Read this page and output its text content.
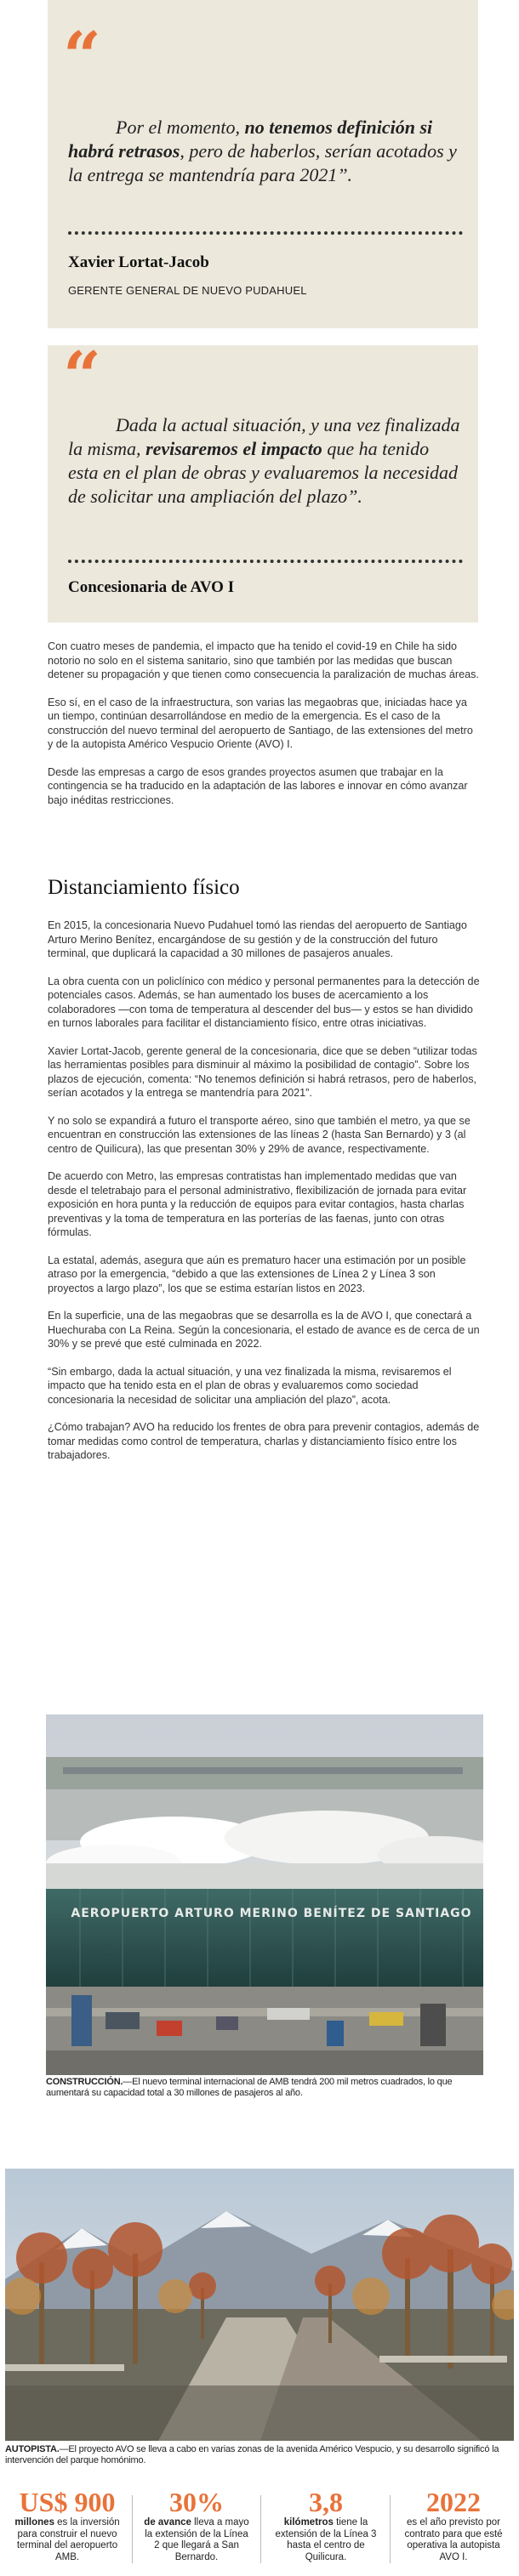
“
Por el momento, no tenemos definición si habrá retrasos, pero de haberlos, serían acotados y la entrega se mantendría para 2021”.
Xavier Lortat-Jacob
GERENTE GENERAL DE NUEVO PUDAHUEL
“
Dada la actual situación, y una vez finalizada la misma, revisaremos el impacto que ha tenido esta en el plan de obras y evaluaremos la necesidad de solicitar una ampliación del plazo”.
Concesionaria de AVO I

Con cuatro meses de pandemia, el impacto que ha tenido el covid-19 en Chile ha sido notorio no solo en el sistema sanitario, sino que también por las medidas que buscan detener su propagación y que tienen como consecuencia la paralización de muchas áreas.

Eso sí, en el caso de la infraestructura, son varias las megaobras que, iniciadas hace ya un tiempo, continúan desarrollándose en medio de la emergencia. Es el caso de la construcción del nuevo terminal del aeropuerto de Santiago, de las extensiones del metro y de la autopista Américo Vespucio Oriente (AVO) I.

Desde las empresas a cargo de esos grandes proyectos asumen que trabajar en la contingencia se ha traducido en la adaptación de las labores e innovar en cómo avanzar bajo inéditas restricciones.

Distanciamiento físico

En 2015, la concesionaria Nuevo Pudahuel tomó las riendas del aeropuerto de Santiago Arturo Merino Benítez, encargándose de su gestión y de la construcción del futuro terminal, que duplicará la capacidad a 30 millones de pasajeros anuales.

La obra cuenta con un policlínico con médico y personal permanentes para la detección de potenciales casos. Además, se han aumentado los buses de acercamiento a los colaboradores —con toma de temperatura al descender del bus— y estos se han dividido en turnos laborales para facilitar el distanciamiento físico, entre otras iniciativas.

Xavier Lortat-Jacob, gerente general de la concesionaria, dice que se deben “utilizar todas las herramientas posibles para disminuir al máximo la posibilidad de contagio”. Sobre los plazos de ejecución, comenta: “No tenemos definición si habrá retrasos, pero de haberlos, serían acotados y la entrega se mantendría para 2021”.

Y no solo se expandirá a futuro el transporte aéreo, sino que también el metro, ya que se encuentran en construcción las extensiones de las líneas 2 (hasta San Bernardo) y 3 (al centro de Quilicura), las que presentan 30% y 29% de avance, respectivamente.

De acuerdo con Metro, las empresas contratistas han implementado medidas que van desde el teletrabajo para el personal administrativo, flexibilización de jornada para evitar exposición en hora punta y la reducción de equipos para evitar contagios, hasta charlas preventivas y la toma de temperatura en las porterías de las faenas, junto con otras fórmulas.

La estatal, además, asegura que aún es prematuro hacer una estimación por un posible atraso por la emergencia, “debido a que las extensiones de Línea 2 y Línea 3 son proyectos a largo plazo”, los que se estima estarían listos en 2023.

En la superficie, una de las megaobras que se desarrolla es la de AVO I, que conectará a Huechuraba con La Reina. Según la concesionaria, el estado de avance es de cerca de un 30% y se prevé que esté culminada en 2022.

“Sin embargo, dada la actual situación, y una vez finalizada la misma, revisaremos el impacto que ha tenido esta en el plan de obras y evaluaremos como sociedad concesionaria la necesidad de solicitar una ampliación del plazo”, acota.

¿Cómo trabajan? AVO ha reducido los frentes de obra para prevenir contagios, además de tomar medidas como control de temperatura, charlas y distanciamiento físico entre los trabajadores.

AEROPUERTO ARTURO MERINO BENÍTEZ DE SANTIAGO
CONSTRUCCIÓN.—El nuevo terminal internacional de AMB tendrá 200 mil metros cuadrados, lo que aumentará su capacidad total a 30 millones de pasajeros al año.
AUTOPISTA.—El proyecto AVO se lleva a cabo en varias zonas de la avenida Américo Vespucio, y su desarrollo significó la intervención del parque homónimo.
US$ 900
millones es la inversión para construir el nuevo terminal del aeropuerto AMB.
30%
de avance lleva a mayo la extensión de la Línea 2 que llegará a San Bernardo.
3,8
kilómetros tiene la extensión de la Línea 3 hasta el centro de Quilicura.
2022
es el año previsto por contrato para que esté operativa la autopista AVO I.
